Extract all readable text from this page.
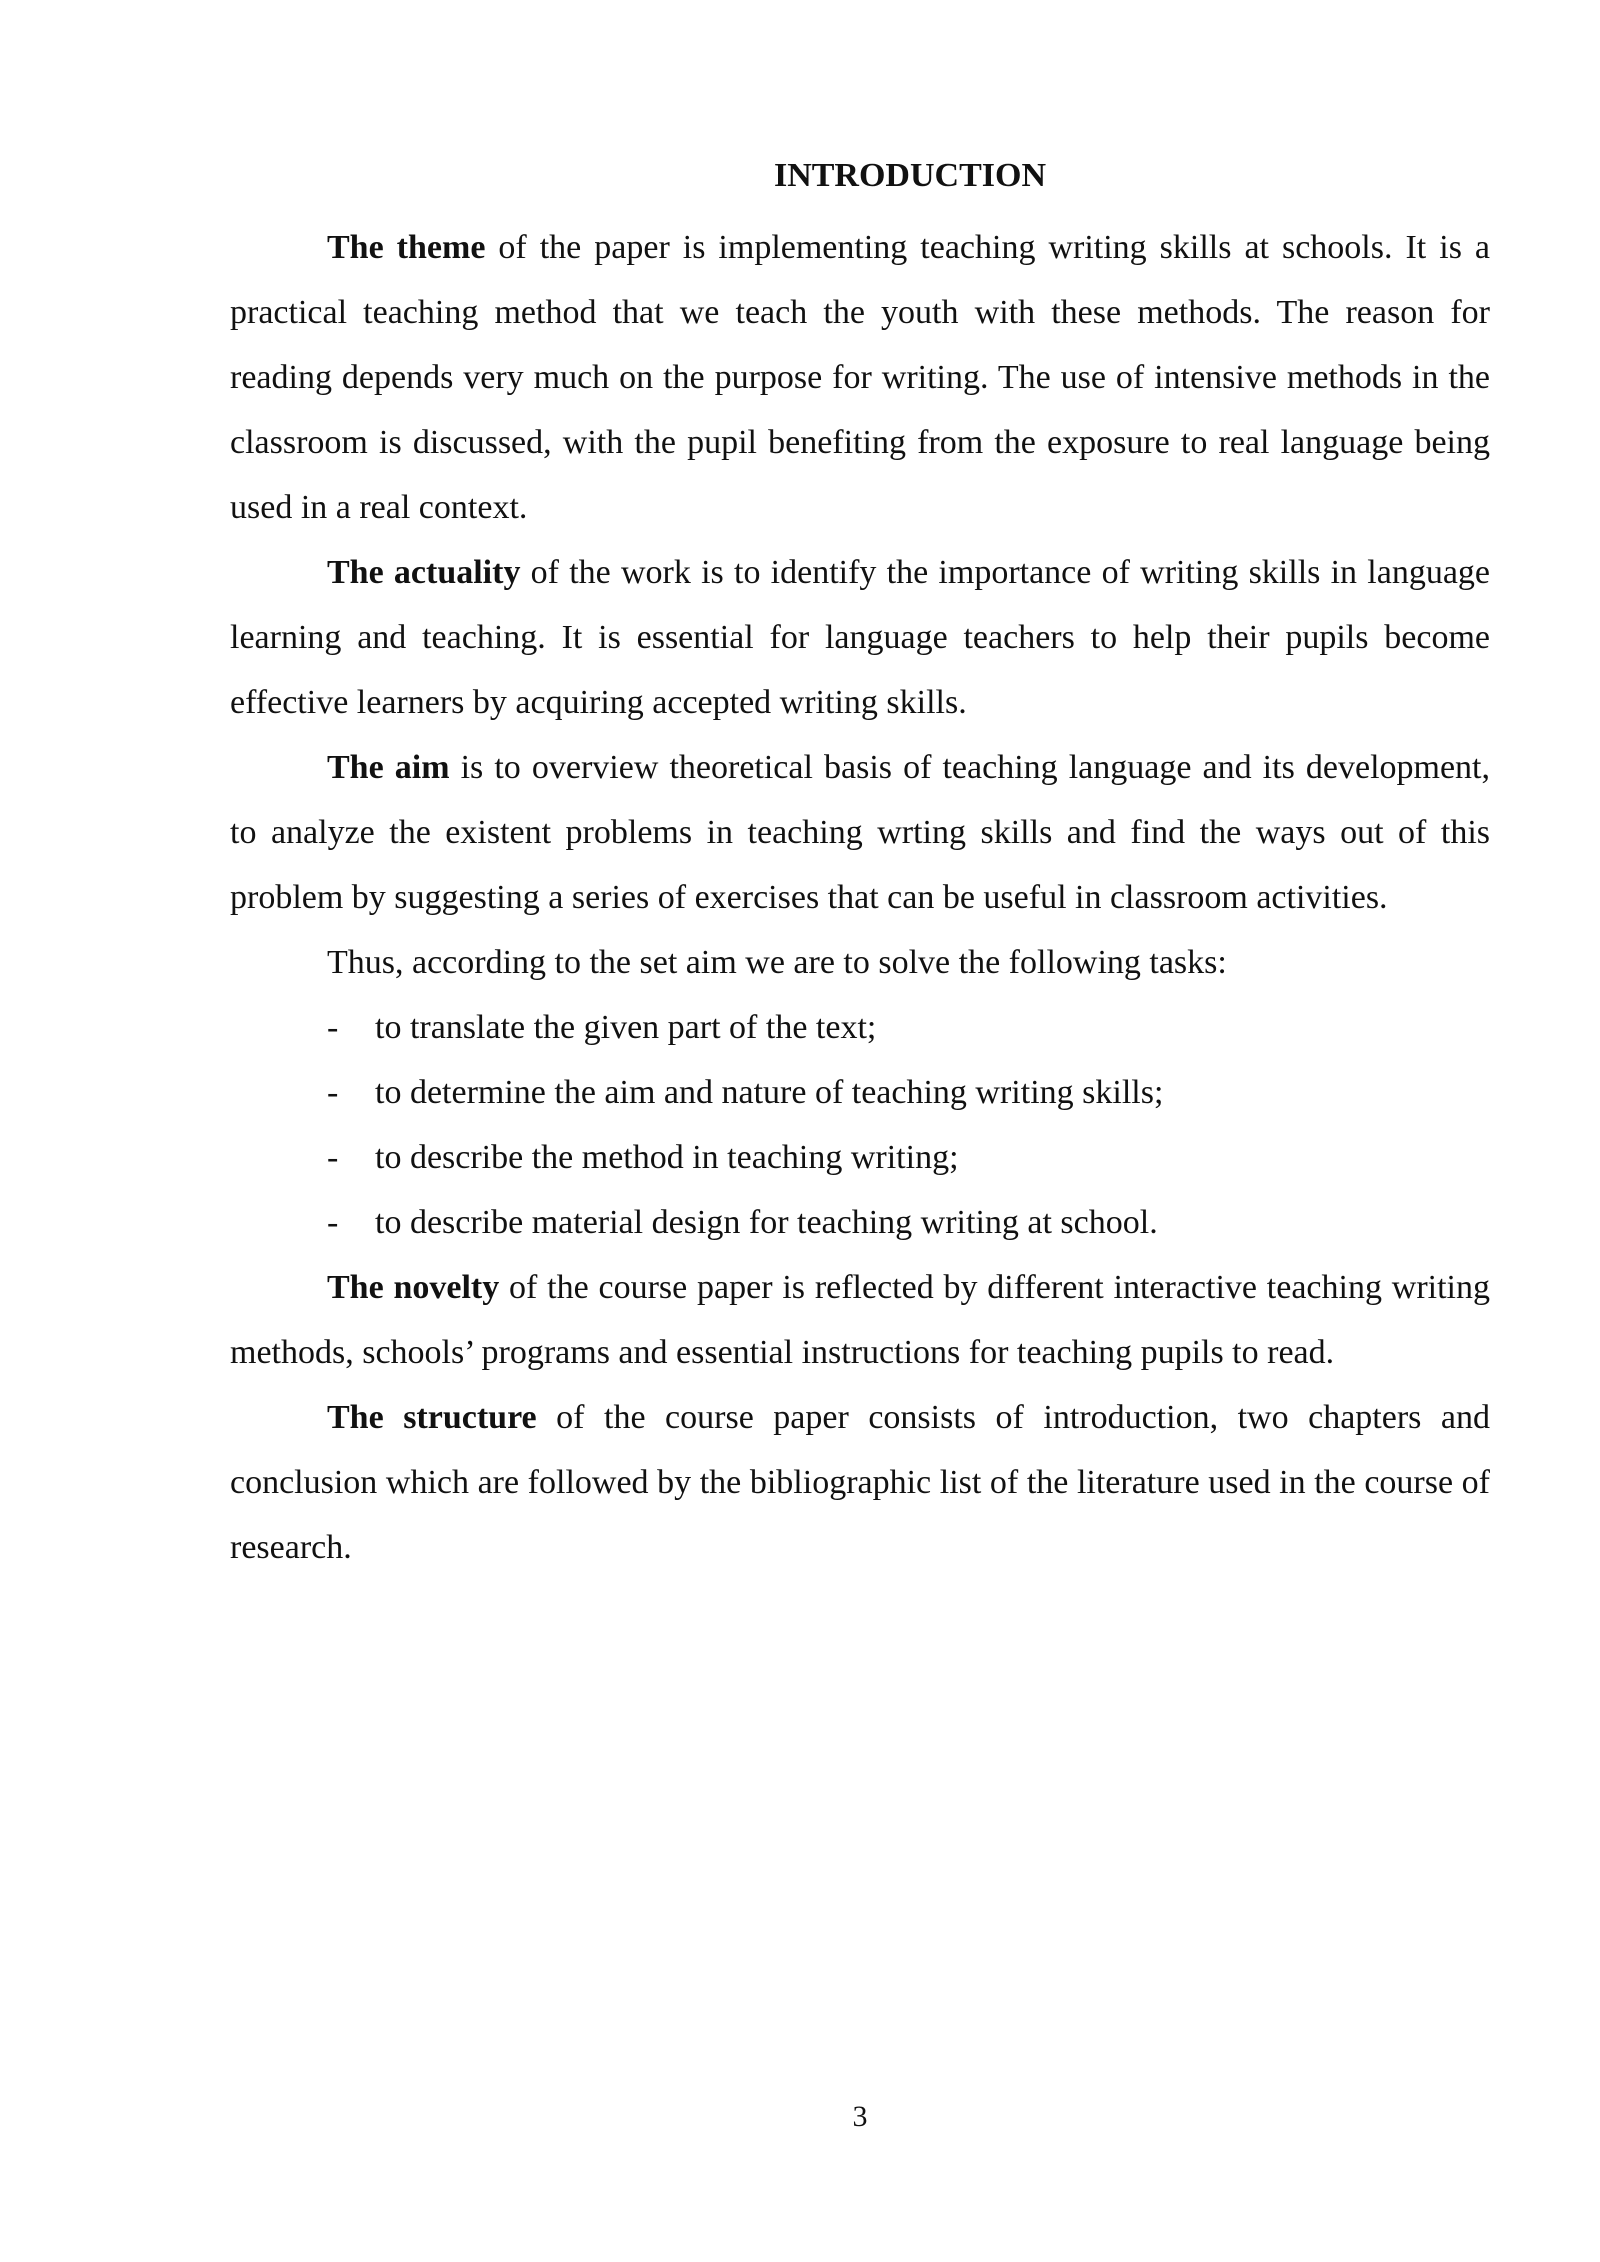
INTRODUCTION

The theme of the paper is implementing teaching writing skills at schools. It is a practical teaching method that we teach the youth with these methods. The reason for reading depends very much on the purpose for writing. The use of intensive methods in the classroom is discussed, with the pupil benefiting from the exposure to real language being used in a real context.

The actuality of the work is to identify the importance of writing skills in language learning and teaching. It is essential for language teachers to help their pupils become effective learners by acquiring accepted writing skills.

The aim is to overview theoretical basis of teaching language and its development, to analyze the existent problems in teaching wrting skills and find the ways out of this problem by suggesting a series of exercises that can be useful in classroom activities.

Thus, according to the set aim we are to solve the following tasks:

-	to translate the given part of the text;

-	to determine the aim and nature of teaching writing skills;

-	to describe the method in teaching writing;

-	to describe material design for teaching writing at school.

The novelty of the course paper is reflected by different interactive teaching writing methods, schools’ programs and essential instructions for teaching pupils to read.

The structure of the course paper consists of introduction, two chapters and conclusion which are followed by the bibliographic list of the literature used in the course of research.

3
